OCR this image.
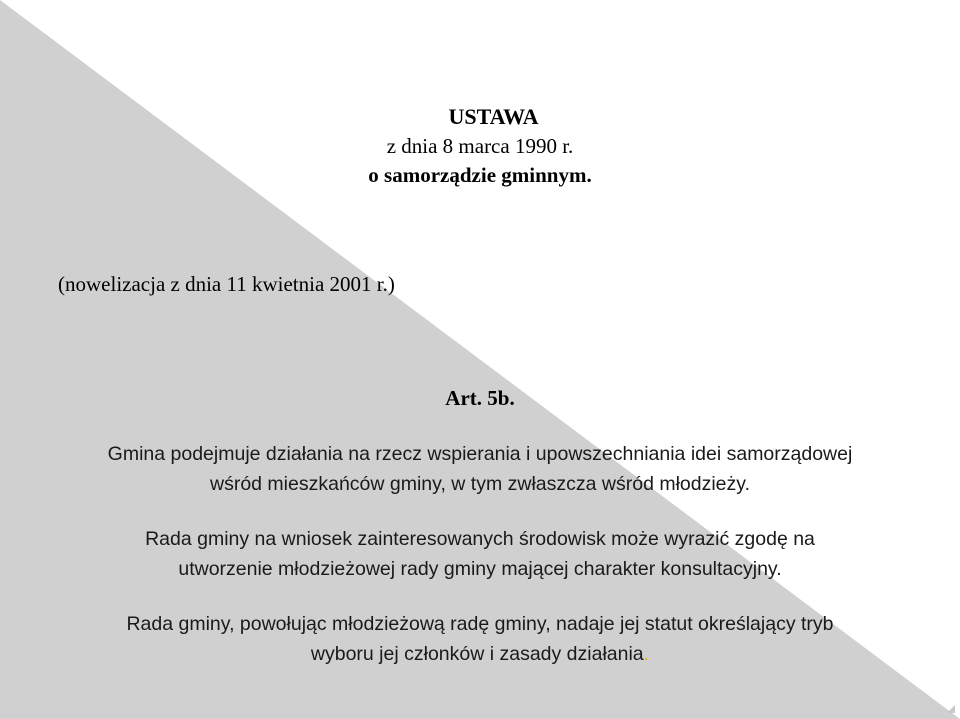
USTAWA
z dnia 8 marca 1990 r.
o samorządzie gminnym.
(nowelizacja z dnia 11 kwietnia 2001 r.)
Art. 5b.
Gmina podejmuje działania na rzecz wspierania i upowszechniania idei samorządowej
wśród mieszkańców gminy, w tym zwłaszcza wśród młodzieży.
Rada gminy na wniosek zainteresowanych środowisk może wyrazić zgodę na
utworzenie młodzieżowej rady gminy mającej charakter konsultacyjny.
Rada gminy, powołując młodzieżową radę gminy, nadaje jej statut określający tryb
wyboru jej członków i zasady działania.
